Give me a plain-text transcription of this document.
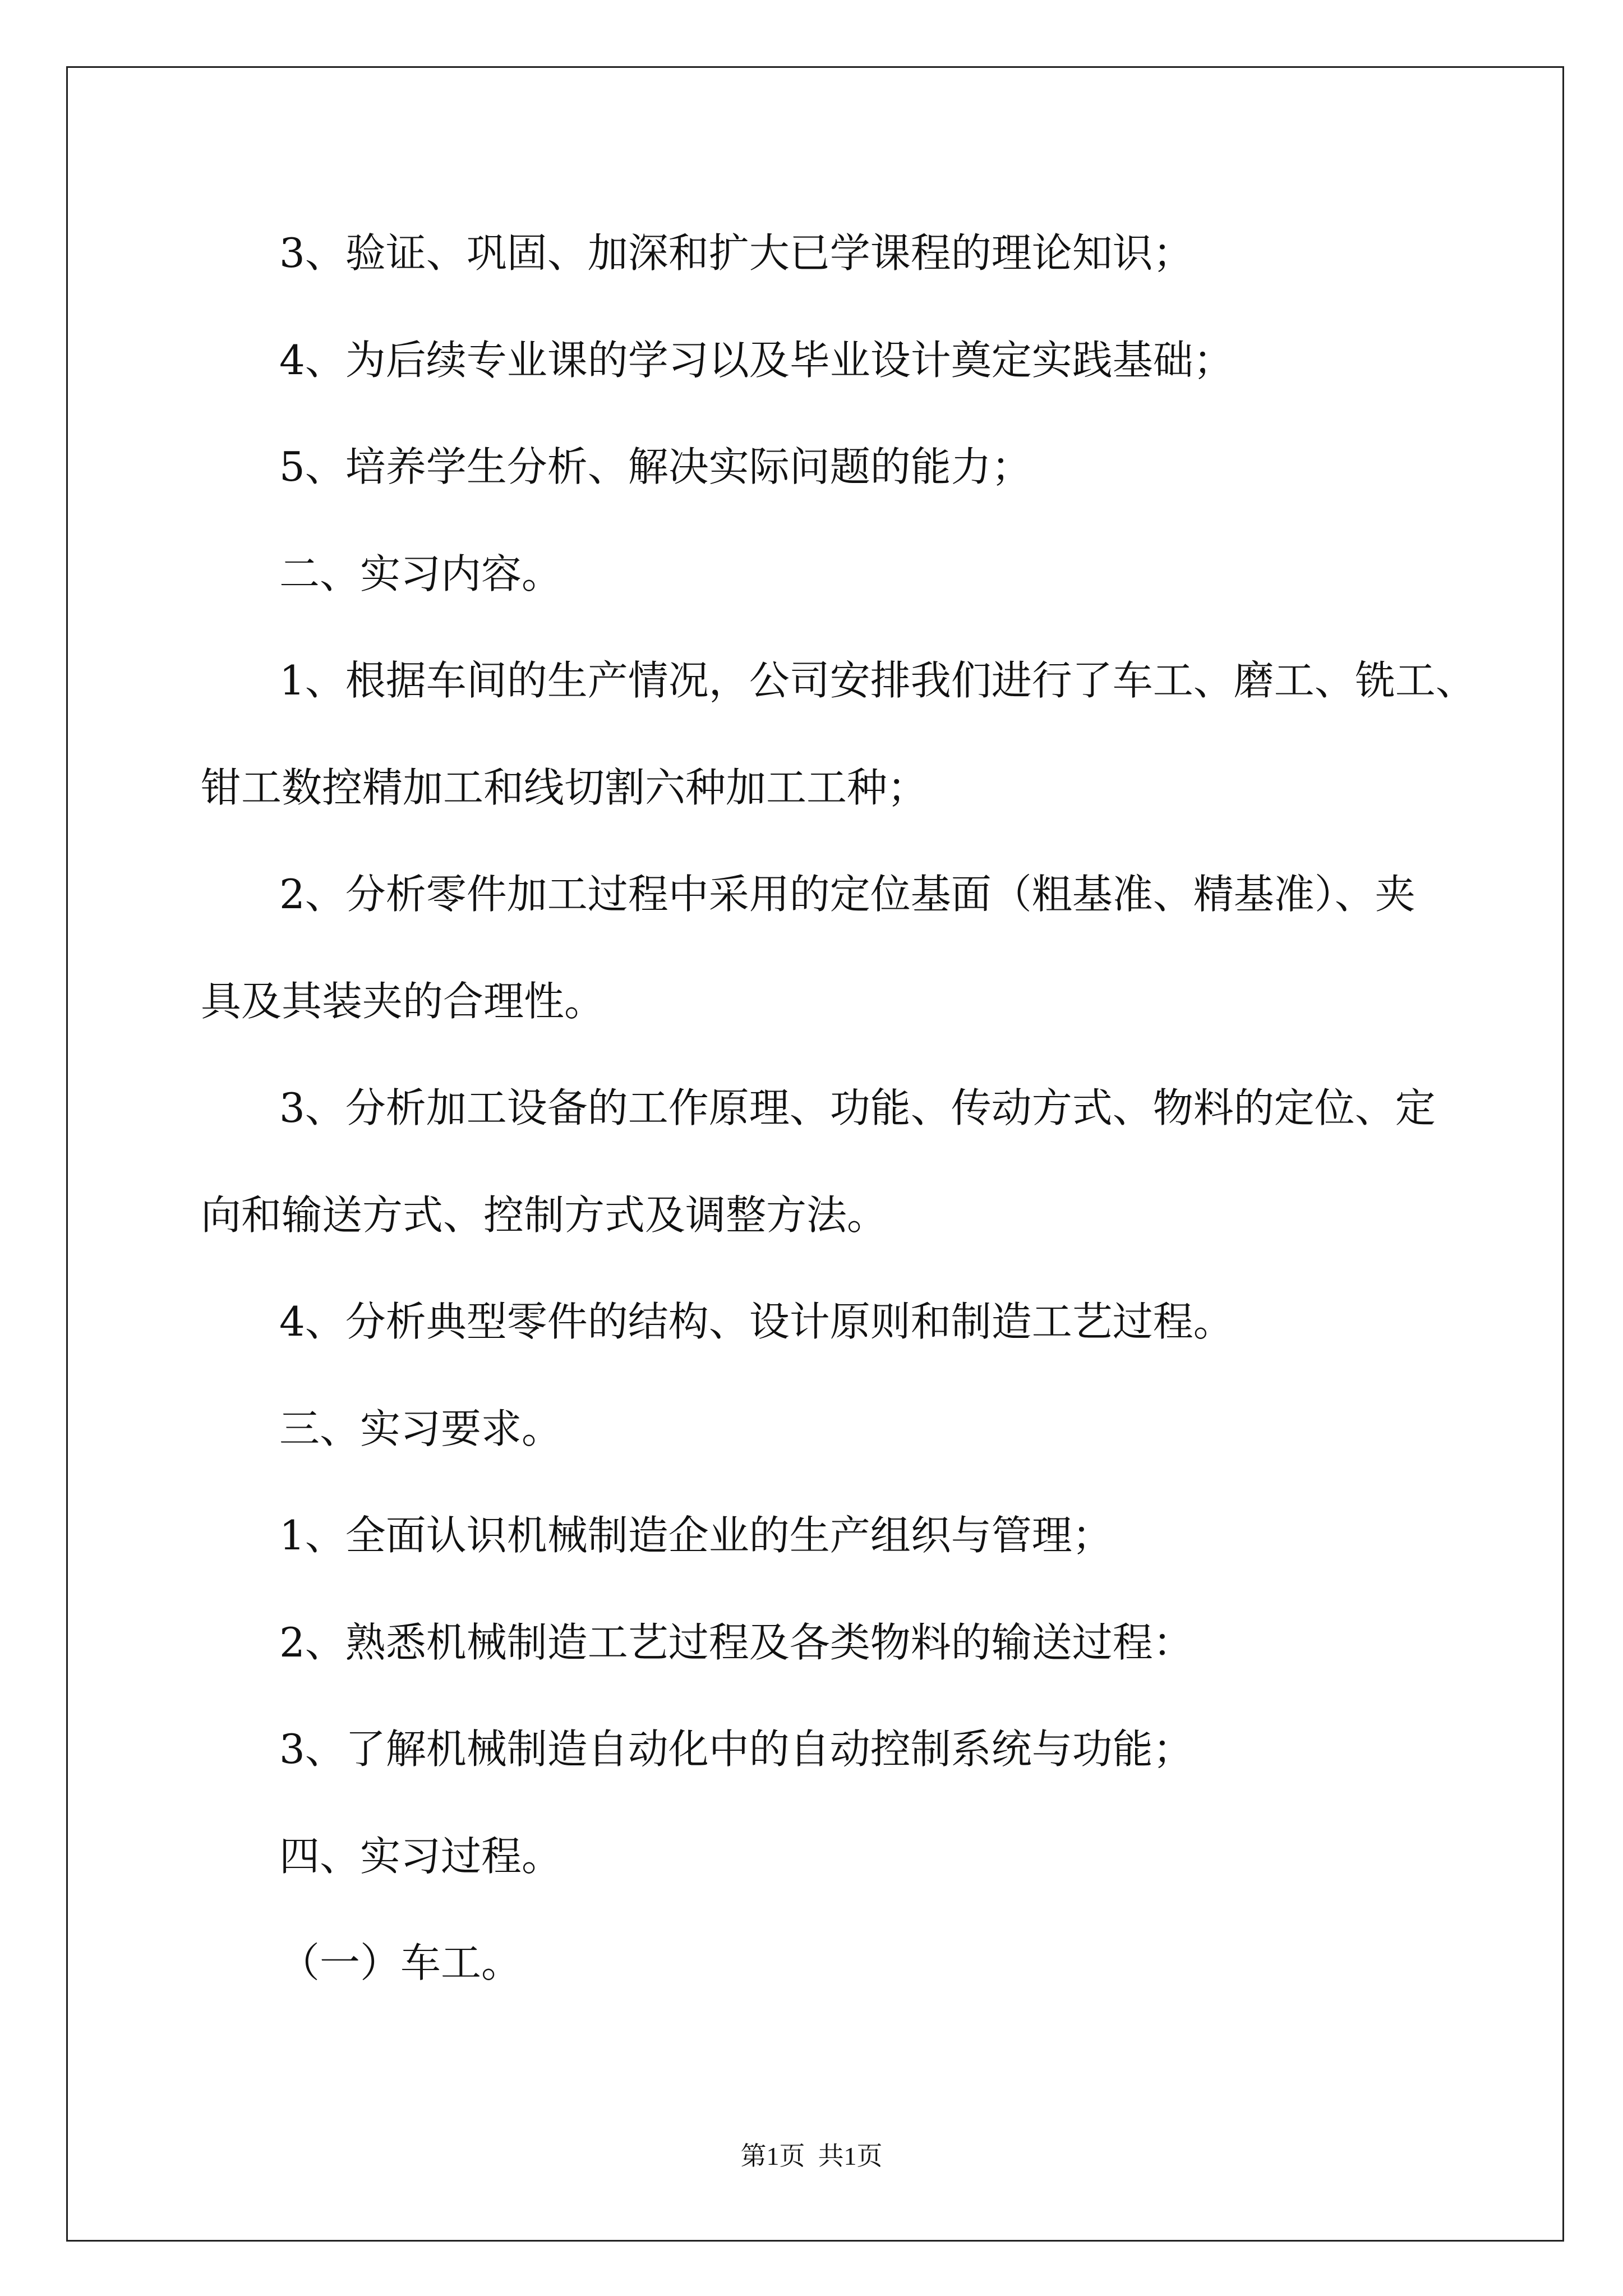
3、验证、巩固、加深和扩大已学课程的理论知识；
4、为后续专业课的学习以及毕业设计奠定实践基础；
5、培养学生分析、解决实际问题的能力；
二、实习内容。
1、根据车间的生产情况，公司安排我们进行了车工、磨工、铣工、
钳工数控精加工和线切割六种加工工种；
2、分析零件加工过程中采用的定位基面（粗基准、精基准）、夹
具及其装夹的合理性。
3、分析加工设备的工作原理、功能、传动方式、物料的定位、定
向和输送方式、控制方式及调整方法。
4、分析典型零件的结构、设计原则和制造工艺过程。
三、实习要求。
1、全面认识机械制造企业的生产组织与管理；
2、熟悉机械制造工艺过程及各类物料的输送过程：
3、了解机械制造自动化中的自动控制系统与功能；
四、实习过程。
（一）车工。
第1页  共1页
